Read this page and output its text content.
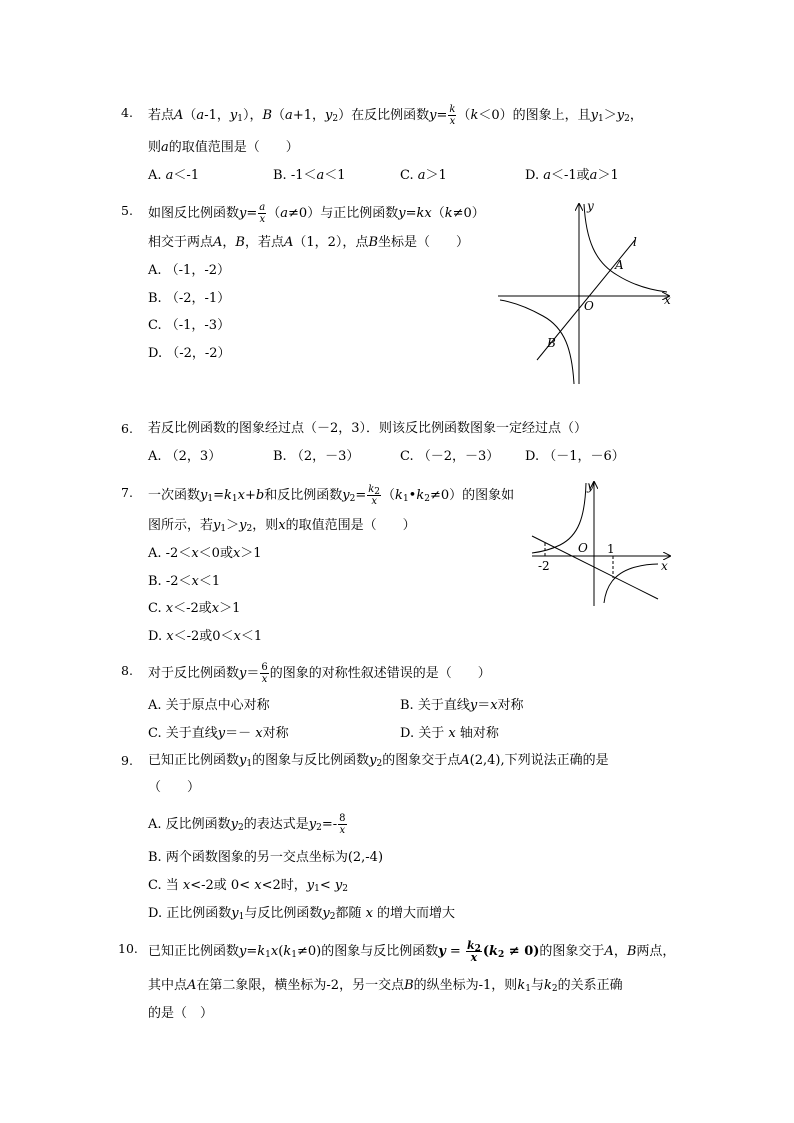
4. 若点A（a-1，$y_1$），B（a+1，$y_2$）在反比例函数$y= \frac{k}{x} (k<0)$的图象上，且$y_1>y_2$，
则a的取值范围是（　　）
A. a＜-1	B. -1＜a＜1	C. a＞1	D. a＜-1或a＞1
5. 如图反比例函数$y= \frac{a}{x} (a\ne 0)$与正比例函数y=kx（k≠0）
相交于两点A，B，若点A（1，2），点B坐标是（　　）
A. （-1，-2）
B. （-2，-1）
C. （-1，-3）
D. （-2，-2）
y
x
O
l
A
B
6. 若反比例函数的图象经过点（－2，3）．则该反比例函数图象一定经过点（）
A. （2，3）	B. （2，－3）	C. （－2，－3） D. （－1，－6）
7. 一次函数$y_1=k_1x+b$和反比例函数$y_2= \frac{k_2}{x}$ $(k_1•k_2\ne 0)$的图象如
图所示，若$y_1>y_2$，则x的取值范围是（　　）
A. -2＜x＜0或x＞1
B. -2＜x＜1
C. x＜-2或x＞1
D. x＜-2或0＜x＜1
y
x
O
-2
1
8. 对于反比例函数$y= \frac{6}{x}$ 的图象的对称性叙述错误的是（　　）
A. 关于原点中心对称	B. 关于直线y＝x对称
C. 关于直线y＝－ x对称	D. 关于 x 轴对称
9. 已知正比例函数$y_1$的图象与反比例函数$y_2$的图象交于点A(2,4),下列说法正确的是
（　　）
A. 反比例函数$y_2$的表达式是$y_2=- \frac{8}{x}$
B. 两个函数图象的另一交点坐标为(2,-4)
C. 当 x<-2或 0< x<2时，$y_1< y_2$
D. 正比例函数$y_1$与反比例函数$y_2$都随 x 的增大而增大
10. 已知正比例函数$y=k_1x(k_1\ne 0)$的图象与反比例函数$y = \frac{k_2}{x} (k_2 \ne 0)$的图象交于A，B两点，
其中点A在第二象限，横坐标为-2，另一交点B的纵坐标为-1，则$k_1$与$k_2$的关系正确
的是（　）
